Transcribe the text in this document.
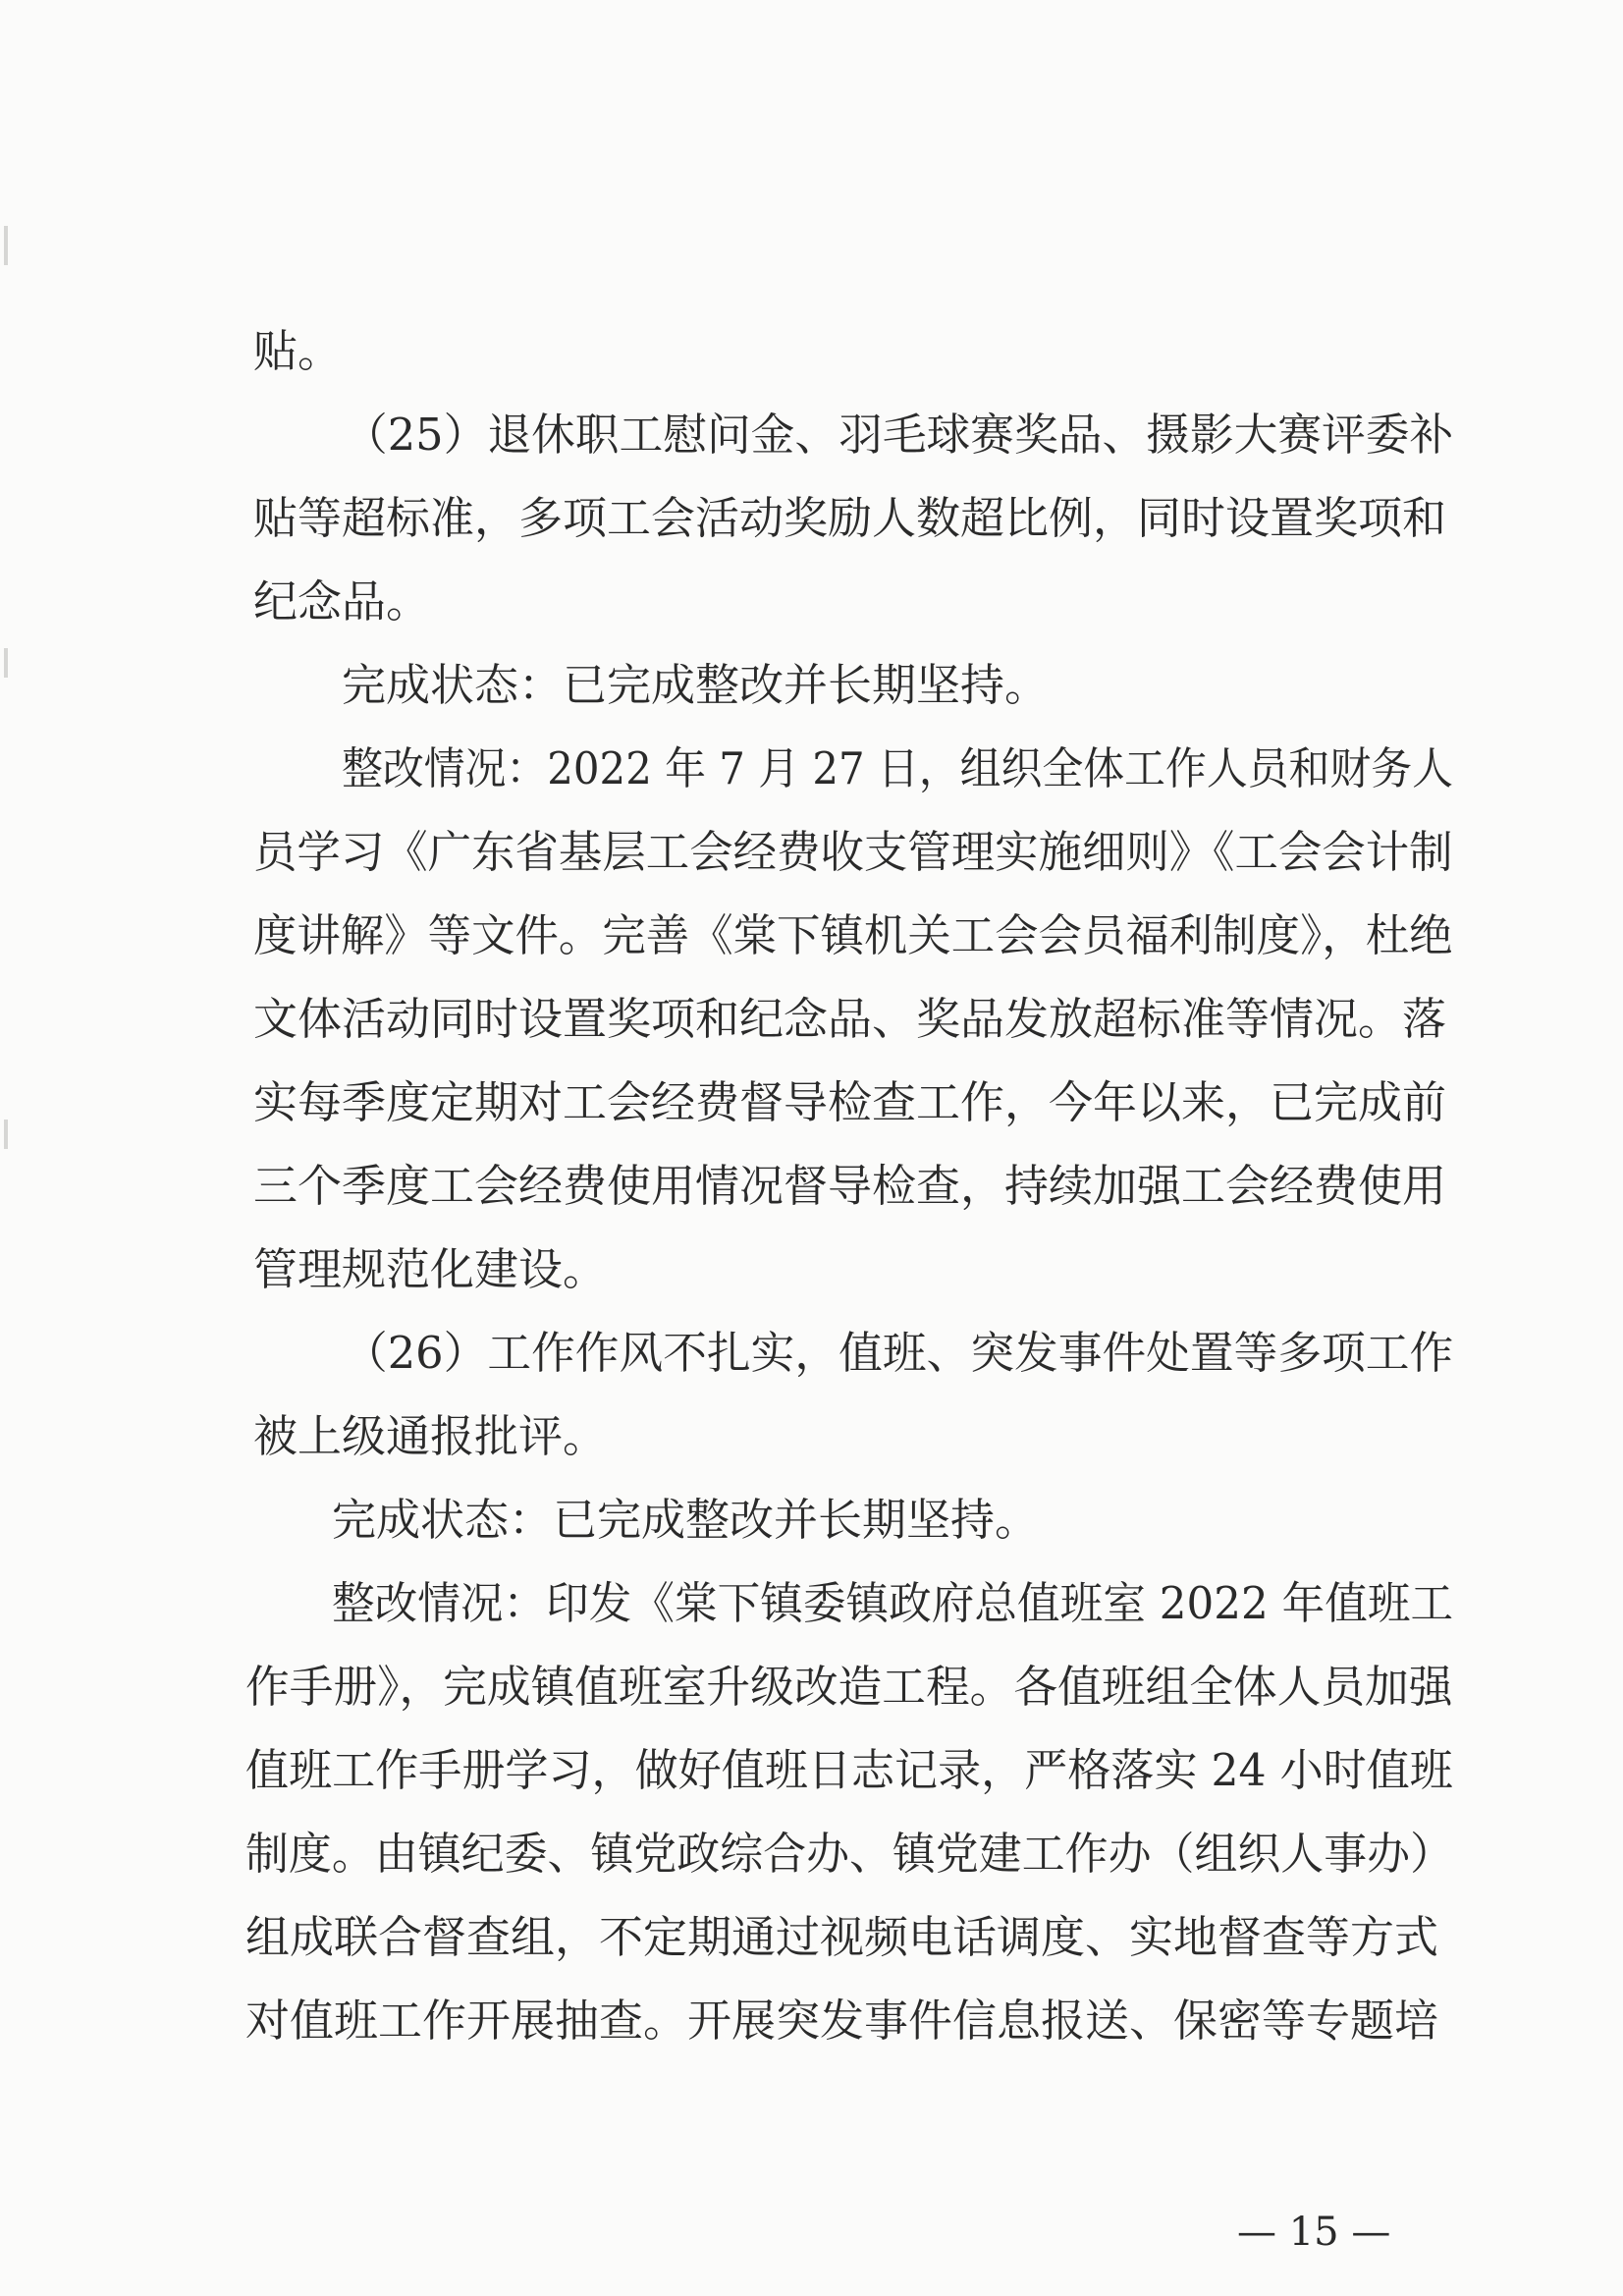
贴。
（25）退休职工慰问金、羽毛球赛奖品、摄影大赛评委补
贴等超标准，多项工会活动奖励人数超比例，同时设置奖项和
纪念品。
完成状态：已完成整改并长期坚持。
整改情况：2022 年 7 月 27 日，组织全体工作人员和财务人
员学习《广东省基层工会经费收支管理实施细则》《工会会计制
度讲解》等文件。完善《棠下镇机关工会会员福利制度》，杜绝
文体活动同时设置奖项和纪念品、奖品发放超标准等情况。落
实每季度定期对工会经费督导检查工作，今年以来，已完成前
三个季度工会经费使用情况督导检查，持续加强工会经费使用
管理规范化建设。
（26）工作作风不扎实，值班、突发事件处置等多项工作
被上级通报批评。
完成状态：已完成整改并长期坚持。
整改情况：印发《棠下镇委镇政府总值班室 2022 年值班工
作手册》，完成镇值班室升级改造工程。各值班组全体人员加强
值班工作手册学习，做好值班日志记录，严格落实 24 小时值班
制度。由镇纪委、镇党政综合办、镇党建工作办（组织人事办）
组成联合督查组，不定期通过视频电话调度、实地督查等方式
对值班工作开展抽查。开展突发事件信息报送、保密等专题培
— 15 —
